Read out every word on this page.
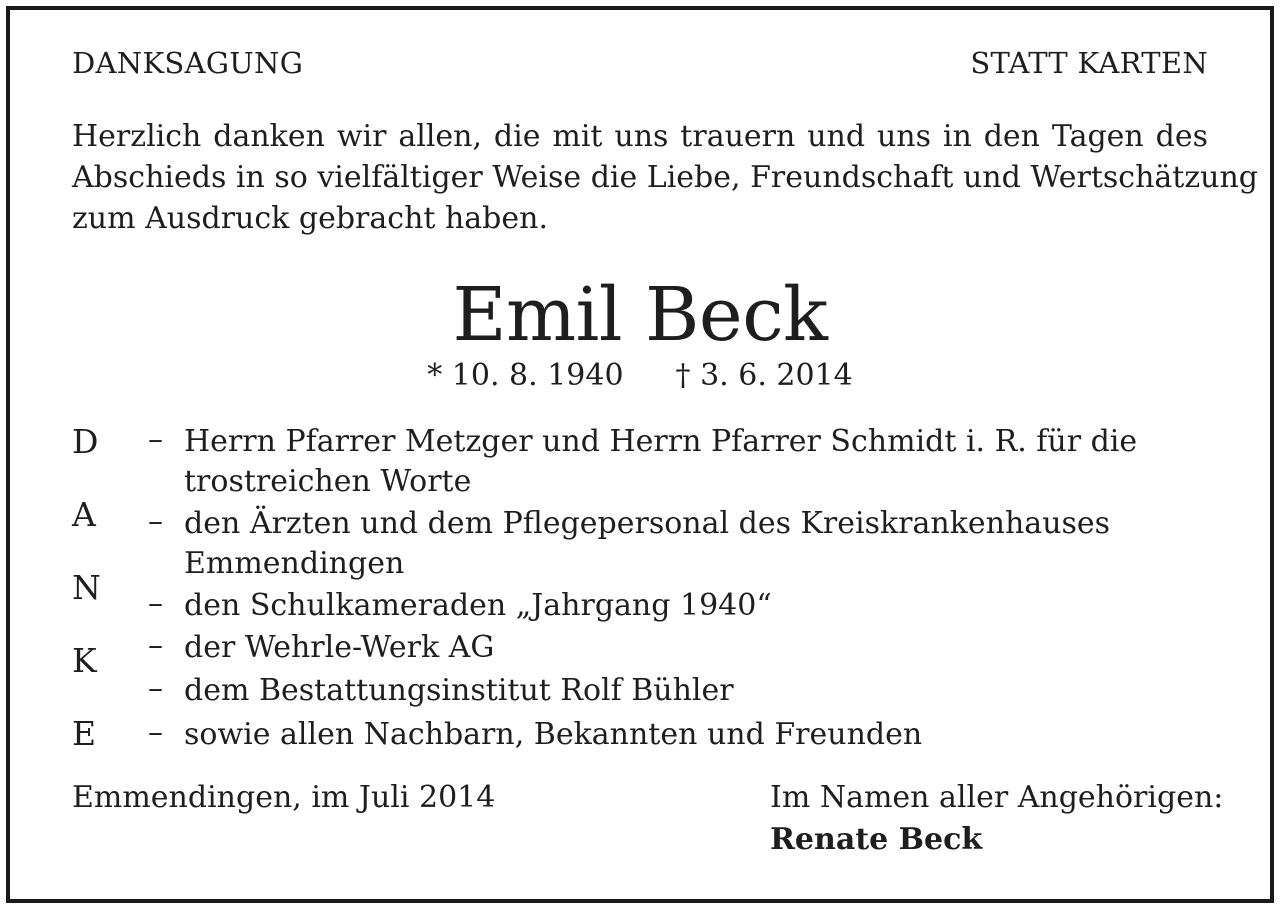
DANKSAGUNG	STATT KARTEN
Herzlich danken wir allen, die mit uns trauern und uns in den Tagen des
Abschieds in so vielfältiger Weise die Liebe, Freundschaft und Wertschätzung
zum Ausdruck gebracht haben.
Emil Beck
* 10. 8. 1940 † 3. 6. 2014
D
A
N
K
E
– Herrn Pfarrer Metzger und Herrn Pfarrer Schmidt i. R. für die
trostreichen Worte
– den Ärzten und dem Pflegepersonal des Kreiskrankenhauses
Emmendingen
– den Schulkameraden „Jahrgang 1940“
– der Wehrle-Werk AG
– dem Bestattungsinstitut Rolf Bühler
– sowie allen Nachbarn, Bekannten und Freunden
Emmendingen, im Juli 2014	Im Namen aller Angehörigen:
Renate Beck
